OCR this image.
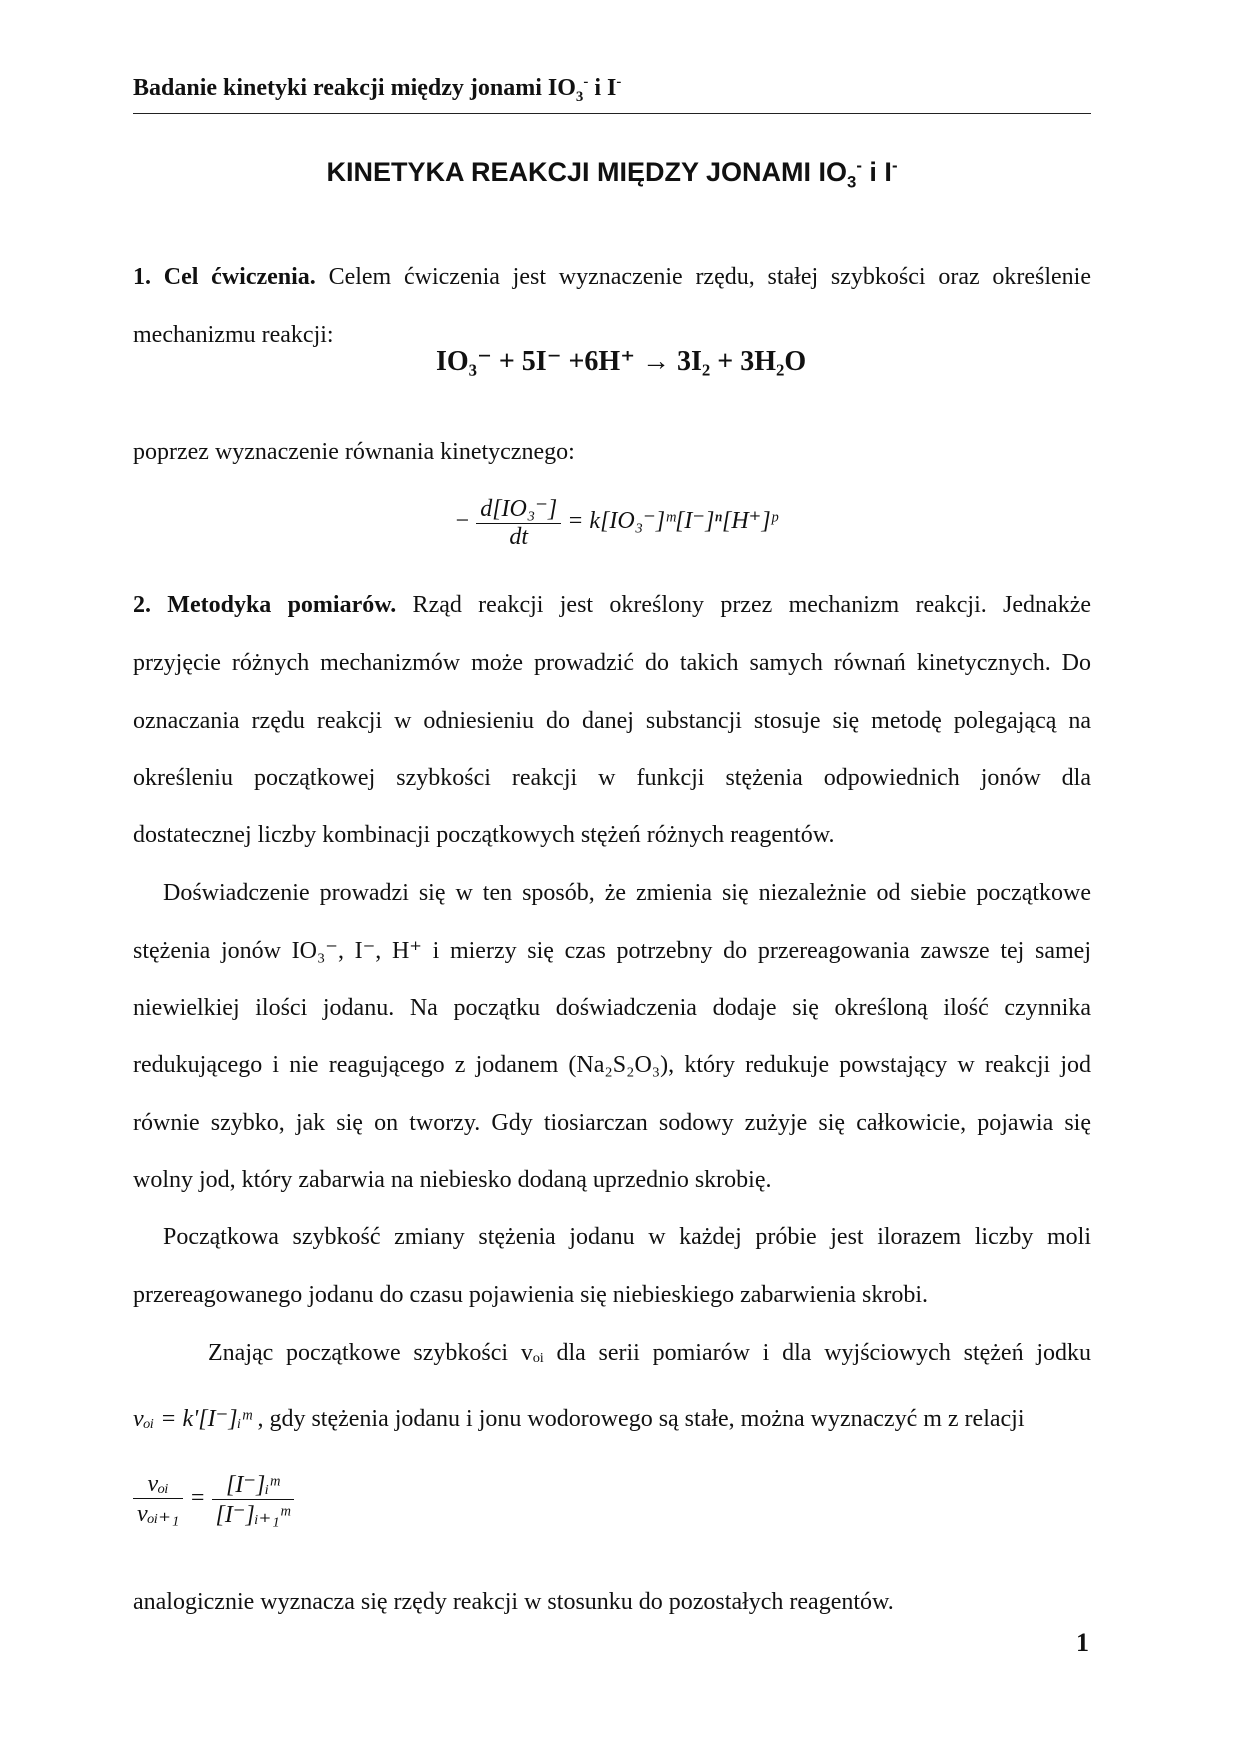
Badanie kinetyki reakcji między jonami $IO_3^-$ i I-
KINETYKA REAKCJI MIĘDZY JONAMI $IO_3^-$ i I-
1. Cel ćwiczenia. Celem ćwiczenia jest wyznaczenie rzędu, stałej szybkości oraz określenie
mechanizmu reakcji:
IO₃⁻ + 5I⁻ +6H⁺ → 3I₂ + 3H₂O
poprzez wyznaczenie równania kinetycznego:
− $\frac{\text{d[IO₃⁻]}}{dt}$ = k[IO₃⁻]ᵐ[I⁻]ⁿ[H⁺]ᵖ
2. Metodyka pomiarów. Rząd reakcji jest określony przez mechanizm reakcji. Jednakże
przyjęcie różnych mechanizmów może prowadzić do takich samych równań kinetycznych. Do
oznaczania rzędu reakcji w odniesieniu do danej substancji stosuje się metodę polegającą na
określeniu początkowej szybkości reakcji w funkcji stężenia odpowiednich jonów dla
dostatecznej liczby kombinacji początkowych stężeń różnych reagentów.
Doświadczenie prowadzi się w ten sposób, że zmienia się niezależnie od siebie początkowe
stężenia jonów IO₃⁻, I⁻, H⁺ i mierzy się czas potrzebny do przereagowania zawsze tej samej
niewielkiej ilości jodanu. Na początku doświadczenia dodaje się określoną ilość czynnika
redukującego i nie reagującego z jodanem (Na₂S₂O₃), który redukuje powstający w reakcji jod
równie szybko, jak się on tworzy. Gdy tiosiarczan sodowy zużyje się całkowicie, pojawia się
wolny jod, który zabarwia na niebiesko dodaną uprzednio skrobię.
Początkowa szybkość zmiany stężenia jodanu w każdej próbie jest ilorazem liczby moli
przereagowanego jodanu do czasu pojawienia się niebieskiego zabarwienia skrobi.
Znając początkowe szybkości vₒᵢ dla serii pomiarów i dla wyjściowych stężeń jodku
vₒᵢ = k'[I⁻]ᵢᵐ , gdy stężenia jodanu i jonu wodorowego są stałe, można wyznaczyć m z relacji
$\frac{\text{vₒᵢ}}{\text{vₒᵢ₊₁}} = \frac{\text{[I⁻]ᵢᵐ}}{\text{[I⁻]ᵢ₊₁ᵐ}}$
analogicznie wyznacza się rzędy reakcji w stosunku do pozostałych reagentów.
1
